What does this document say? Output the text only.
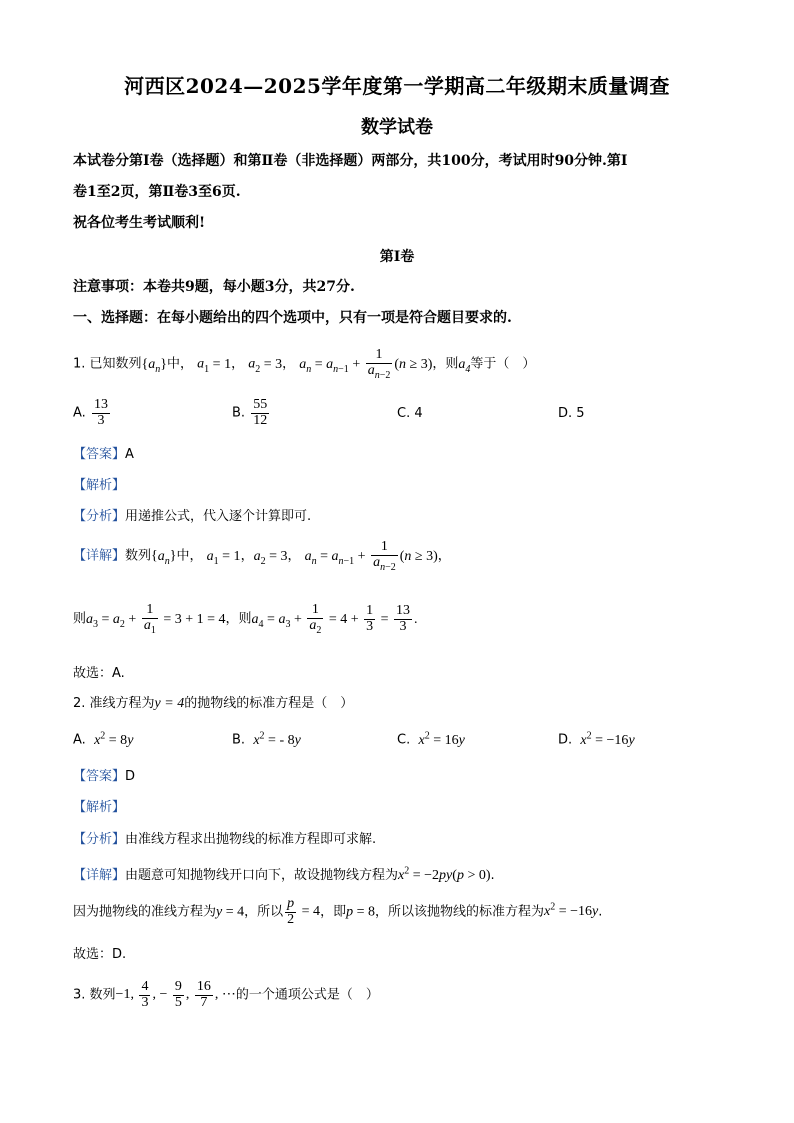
河西区2024—2025学年度第一学期高二年级期末质量调查
数学试卷
本试卷分第Ⅰ卷（选择题）和第Ⅱ卷（非选择题）两部分，共100分，考试用时90分钟.第Ⅰ
卷1至2页，第Ⅱ卷3至6页.
祝各位考生考试顺利!
第Ⅰ卷
注意事项：本卷共9题，每小题3分，共27分.
一、选择题：在每小题给出的四个选项中，只有一项是符合题目要求的.
1. 已知数列$\{a_n\}$中， $a_1 = 1$， $a_2 = 3$， $a_n = a_{n-1} + \frac{1}{a_{n-2}} (n \ge 3)$，则$a_4$等于（　）
A. $\frac{13}{3}$	B. $\frac{55}{12}$	C. 4	D. 5
【答案】A
【解析】
【分析】用递推公式，代入逐个计算即可.
【详解】数列$\{a_n\}$中， $a_1 = 1$，$a_2 = 3$， $a_n = a_{n-1} + \frac{1}{a_{n-2}} (n \ge 3)$，
则$a_3 = a_2 + \frac{1}{a_1} = 3 + 1 = 4$，则$a_4 = a_3 + \frac{1}{a_2} = 4 + \frac{1}{3} = \frac{13}{3}$ .
故选：A.
2. 准线方程为y = 4的抛物线的标准方程是（　）
A. $x^2 = 8y$	B. $x^2$ = - 8y	C. $x^2 = 16y$	D. $x^2 = -16y$
【答案】D
【解析】
【分析】由准线方程求出抛物线的标准方程即可求解.
【详解】由题意可知抛物线开口向下，故设抛物线方程为$x^2 = -2py(p > 0)$.
因为抛物线的准线方程为y = 4，所以 $\frac{p}{2} = 4$，即p = 8，所以该抛物线的标准方程为$x^2 = -16y$.
故选：D.
3. 数列−1, $\frac{4}{3}$ , − $\frac{9}{5}$ , $\frac{16}{7}$ , ⋯的一个通项公式是（　）
